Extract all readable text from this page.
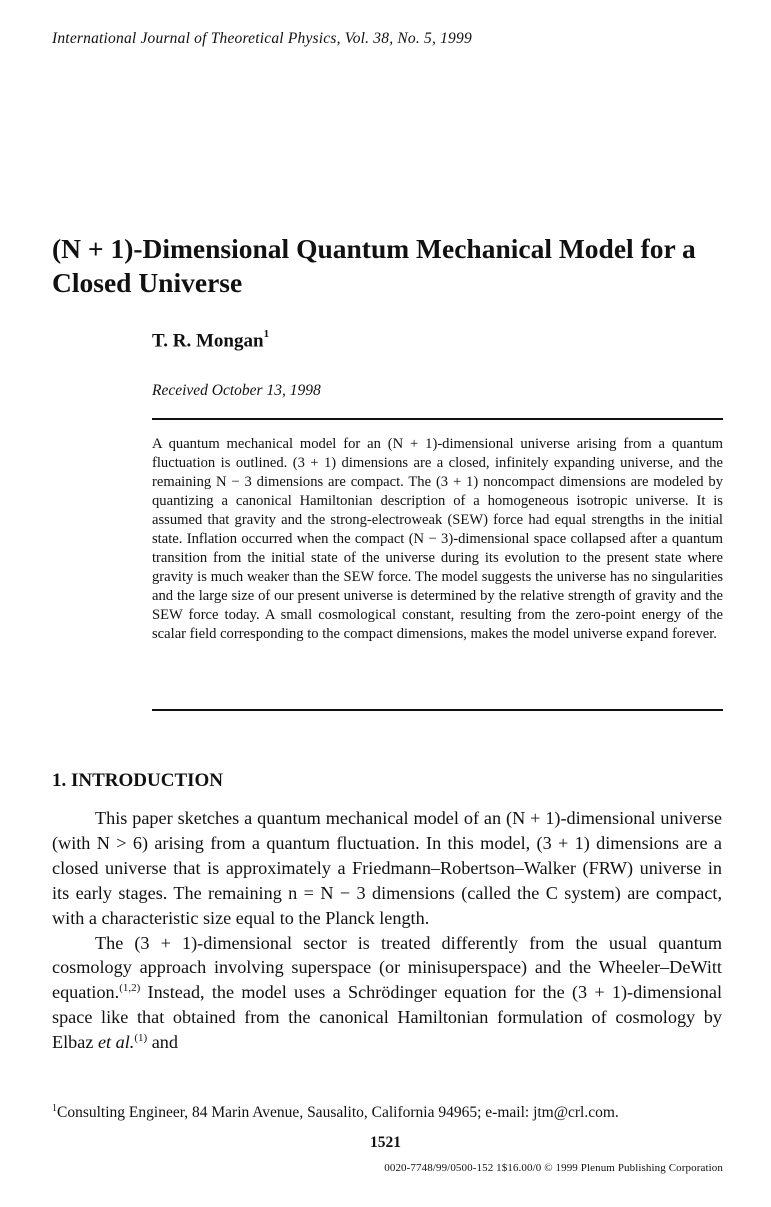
International Journal of Theoretical Physics, Vol. 38, No. 5, 1999
(N + 1)-Dimensional Quantum Mechanical Model for a Closed Universe
T. R. Mongan$^1$
Received October 13, 1998
A quantum mechanical model for an (N + 1)-dimensional universe arising from a quantum fluctuation is outlined. (3 + 1) dimensions are a closed, infinitely expanding universe, and the remaining N − 3 dimensions are compact. The (3 + 1) noncompact dimensions are modeled by quantizing a canonical Hamiltonian description of a homogeneous isotropic universe. It is assumed that gravity and the strong-electroweak (SEW) force had equal strengths in the initial state. Inflation occurred when the compact (N − 3)-dimensional space collapsed after a quantum transition from the initial state of the universe during its evolution to the present state where gravity is much weaker than the SEW force. The model suggests the universe has no singularities and the large size of our present universe is determined by the relative strength of gravity and the SEW force today. A small cosmological constant, resulting from the zero-point energy of the scalar field corresponding to the compact dimensions, makes the model universe expand forever.
1. INTRODUCTION

This paper sketches a quantum mechanical model of an (N + 1)-dimensional universe (with N > 6) arising from a quantum fluctuation. In this model, (3 + 1) dimensions are a closed universe that is approximately a Friedmann–Robertson–Walker (FRW) universe in its early stages. The remaining n = N − 3 dimensions (called the C system) are compact, with a characteristic size equal to the Planck length.

The (3 + 1)-dimensional sector is treated differently from the usual quantum cosmology approach involving superspace (or minisuperspace) and the Wheeler–DeWitt equation.$^{(1,2)}$ Instead, the model uses a Schrödinger equation for the (3 + 1)-dimensional space like that obtained from the canonical Hamiltonian formulation of cosmology by Elbaz et al.$^{(1)}$ and

$^1$Consulting Engineer, 84 Marin Avenue, Sausalito, California 94965; e-mail: jtm@crl.com.
1521
0020-7748/99/0500-152 1$16.00/0 © 1999 Plenum Publishing Corporation
